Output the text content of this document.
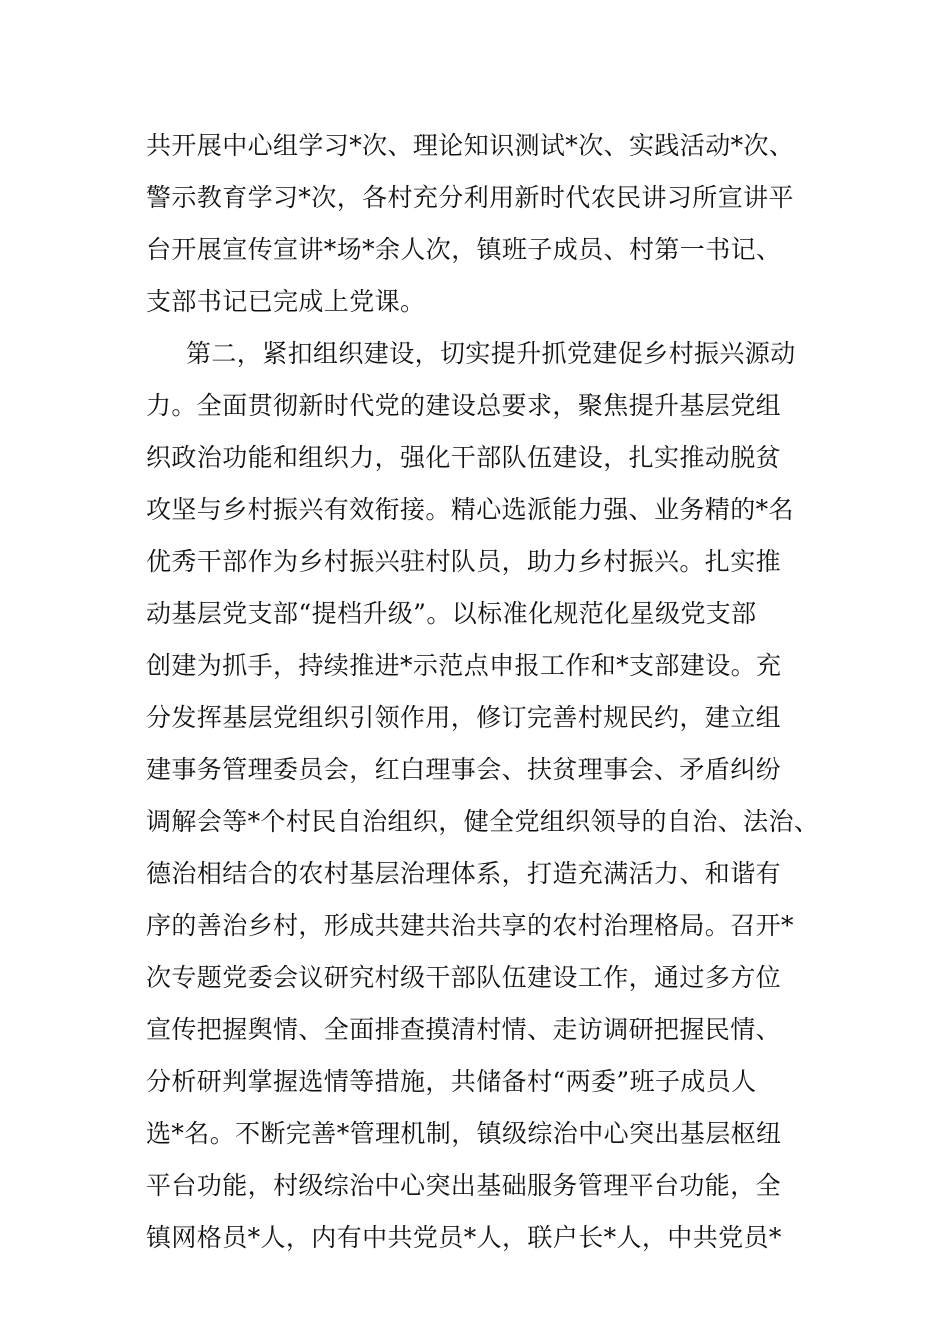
共开展中心组学习*次、理论知识测试*次、实践活动*次、
警示教育学习*次，各村充分利用新时代农民讲习所宣讲平
台开展宣传宣讲*场*余人次，镇班子成员、村第一书记、
支部书记已完成上党课。
第二，紧扣组织建设，切实提升抓党建促乡村振兴源动
力。全面贯彻新时代党的建设总要求，聚焦提升基层党组
织政治功能和组织力，强化干部队伍建设，扎实推动脱贫
攻坚与乡村振兴有效衔接。精心选派能力强、业务精的*名
优秀干部作为乡村振兴驻村队员，助力乡村振兴。扎实推
动基层党支部“提档升级”。以标准化规范化星级党支部
创建为抓手，持续推进*示范点申报工作和*支部建设。充
分发挥基层党组织引领作用，修订完善村规民约，建立组
建事务管理委员会，红白理事会、扶贫理事会、矛盾纠纷
调解会等*个村民自治组织，健全党组织领导的自治、法治、
德治相结合的农村基层治理体系，打造充满活力、和谐有
序的善治乡村，形成共建共治共享的农村治理格局。召开*
次专题党委会议研究村级干部队伍建设工作，通过多方位
宣传把握舆情、全面排查摸清村情、走访调研把握民情、
分析研判掌握选情等措施，共储备村“两委”班子成员人
选*名。不断完善*管理机制，镇级综治中心突出基层枢纽
平台功能，村级综治中心突出基础服务管理平台功能，全
镇网格员*人，内有中共党员*人，联户长*人，中共党员*
